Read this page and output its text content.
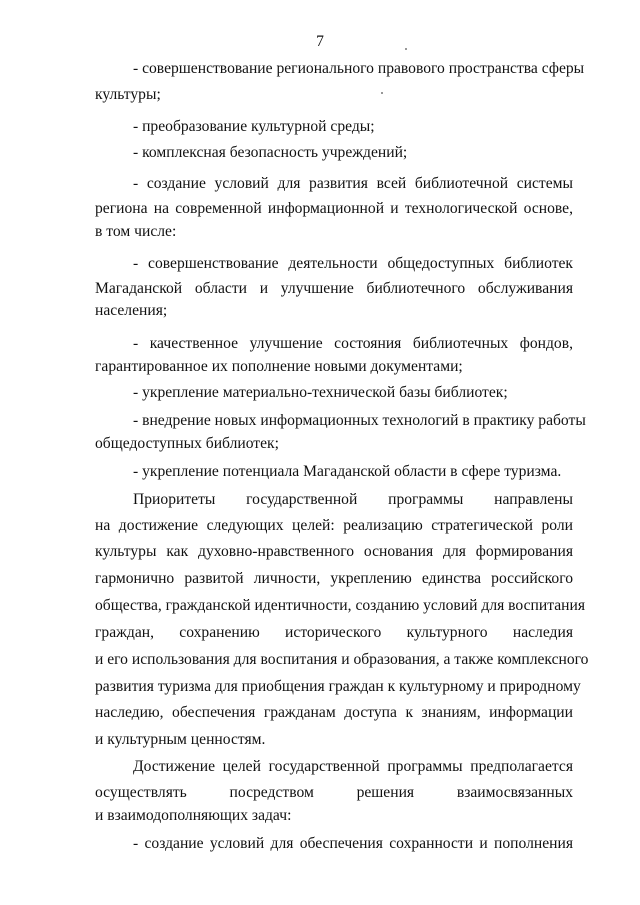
7
- совершенствование регионального правового пространства сферы
культуры;
- преобразование культурной среды;
- комплексная безопасность учреждений;
- создание условий для развития всей библиотечной системы
региона на современной информационной и технологической основе,
в том числе:
- совершенствование деятельности общедоступных библиотек
Магаданской области и улучшение библиотечного обслуживания
населения;
- качественное улучшение состояния библиотечных фондов,
гарантированное их пополнение новыми документами;
- укрепление материально-технической базы библиотек;
- внедрение новых информационных технологий в практику работы
общедоступных библиотек;
- укрепление потенциала Магаданской области в сфере туризма.
Приоритеты государственной программы направлены
на достижение следующих целей: реализацию стратегической роли
культуры как духовно-нравственного основания для формирования
гармонично развитой личности, укреплению единства российского
общества, гражданской идентичности, созданию условий для воспитания
граждан, сохранению исторического культурного наследия
и его использования для воспитания и образования, а также комплексного
развития туризма для приобщения граждан к культурному и природному
наследию, обеспечения гражданам доступа к знаниям, информации
и культурным ценностям.
Достижение целей государственной программы предполагается
осуществлять посредством решения взаимосвязанных
и взаимодополняющих задач:
- создание условий для обеспечения сохранности и пополнения
